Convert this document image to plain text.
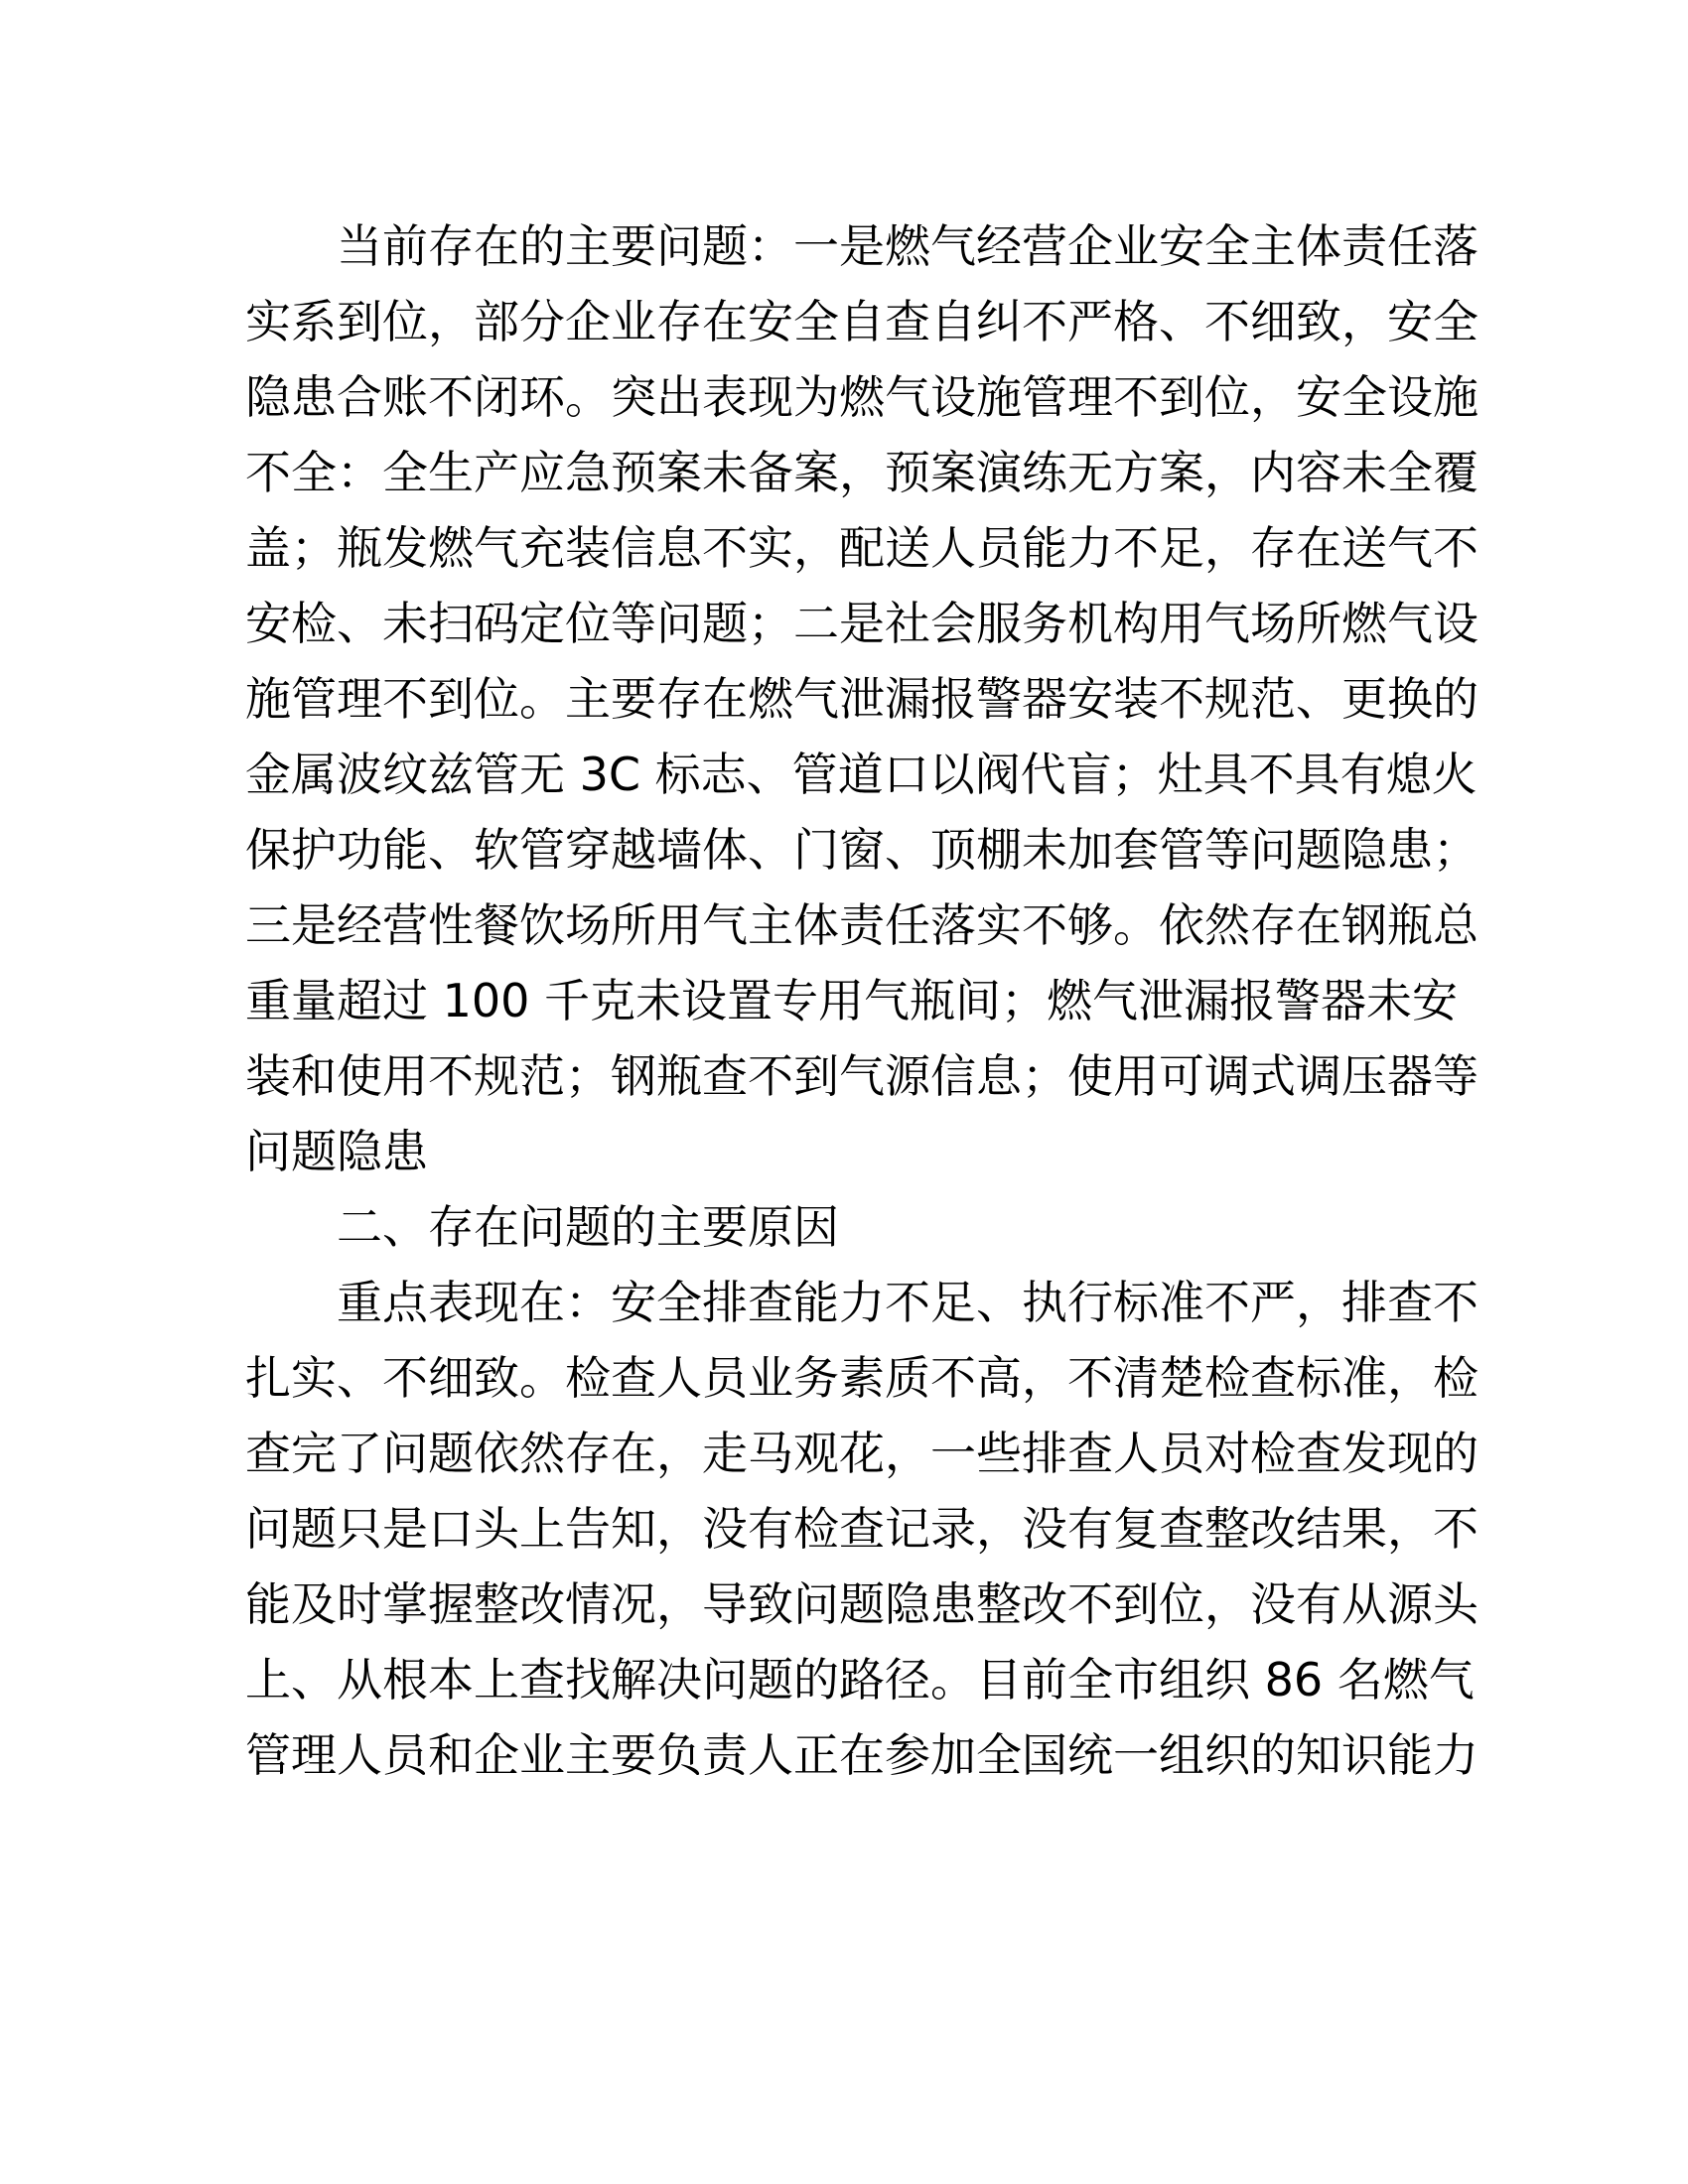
　　当前存在的主要问题：一是燃气经营企业安全主体责任落
实系到位，部分企业存在安全自查自纠不严格、不细致，安全
隐患合账不闭环。突出表现为燃气设施管理不到位，安全设施
不全：全生产应急预案未备案，预案演练无方案，内容未全覆
盖；瓶发燃气充装信息不实，配送人员能力不足，存在送气不
安检、未扫码定位等问题；二是社会服务机构用气场所燃气设
施管理不到位。主要存在燃气泄漏报警器安装不规范、更换的
金属波纹兹管无 3C 标志、管道口以阀代盲；灶具不具有熄火
保护功能、软管穿越墙体、门窗、顶棚未加套管等问题隐患；
三是经营性餐饮场所用气主体责任落实不够。依然存在钢瓶总
重量超过 100 千克未设置专用气瓶间；燃气泄漏报警器未安
装和使用不规范；钢瓶查不到气源信息；使用可调式调压器等
问题隐患
　　二、存在问题的主要原因
　　重点表现在：安全排查能力不足、执行标准不严，排查不
扎实、不细致。检查人员业务素质不高，不清楚检查标准，检
查完了问题依然存在，走马观花，一些排查人员对检查发现的
问题只是口头上告知，没有检查记录，没有复查整改结果，不
能及时掌握整改情况，导致问题隐患整改不到位，没有从源头
上、从根本上查找解决问题的路径。目前全市组织 86 名燃气
管理人员和企业主要负责人正在参加全国统一组织的知识能力
